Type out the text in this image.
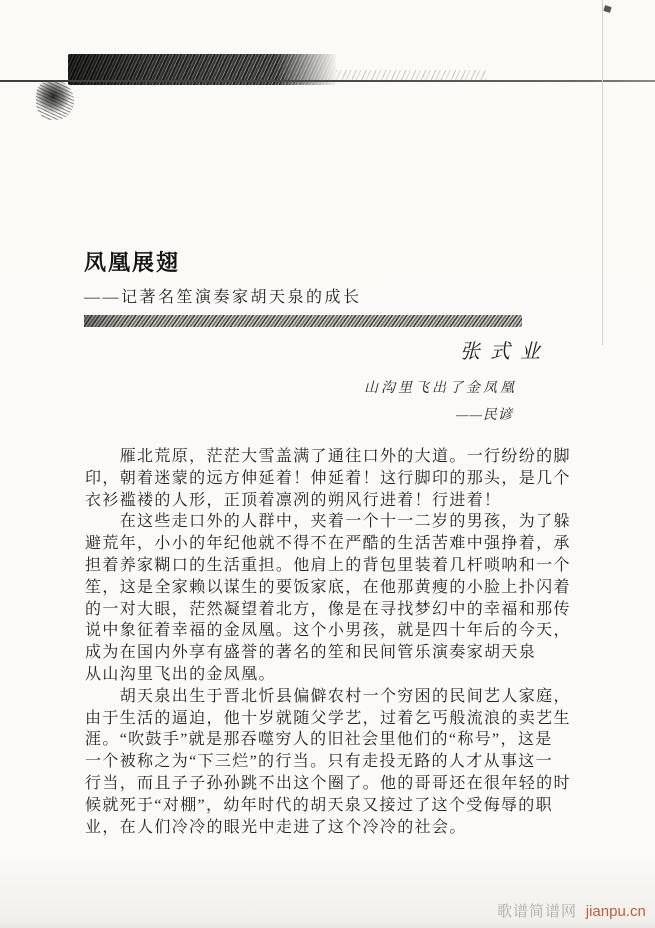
凤凰展翅
——记著名笙演奏家胡天泉的成长
张式业
山沟里飞出了金凤凰
——民谚
　　雁北荒原，茫茫大雪盖满了通往口外的大道。一行纷纷的脚
印，朝着迷蒙的远方伸延着！伸延着！这行脚印的那头，是几个
衣衫褴褛的人形，正顶着凛冽的朔风行进着！行进着！
　　在这些走口外的人群中，夹着一个十一二岁的男孩，为了躲
避荒年，小小的年纪他就不得不在严酷的生活苦难中强挣着，承
担着养家糊口的生活重担。他肩上的背包里装着几杆唢呐和一个
笙，这是全家赖以谋生的要饭家底，在他那黄瘦的小脸上扑闪着
的一对大眼，茫然凝望着北方，像是在寻找梦幻中的幸福和那传
说中象征着幸福的金凤凰。这个小男孩，就是四十年后的今天，
成为在国内外享有盛誉的著名的笙和民间管乐演奏家胡天泉
从山沟里飞出的金凤凰。
　　胡天泉出生于晋北忻县偏僻农村一个穷困的民间艺人家庭，
由于生活的逼迫，他十岁就随父学艺，过着乞丐般流浪的卖艺生
涯。“吹鼓手”就是那吞噬穷人的旧社会里他们的“称号”，这是
一个被称之为“下三烂”的行当。只有走投无路的人才从事这一
行当，而且子子孙孙跳不出这个圈了。他的哥哥还在很年轻的时
候就死于“对棚”，幼年时代的胡天泉又接过了这个受侮辱的职
业，在人们冷冷的眼光中走进了这个冷冷的社会。
歌谱简谱网 jianpu.cn
